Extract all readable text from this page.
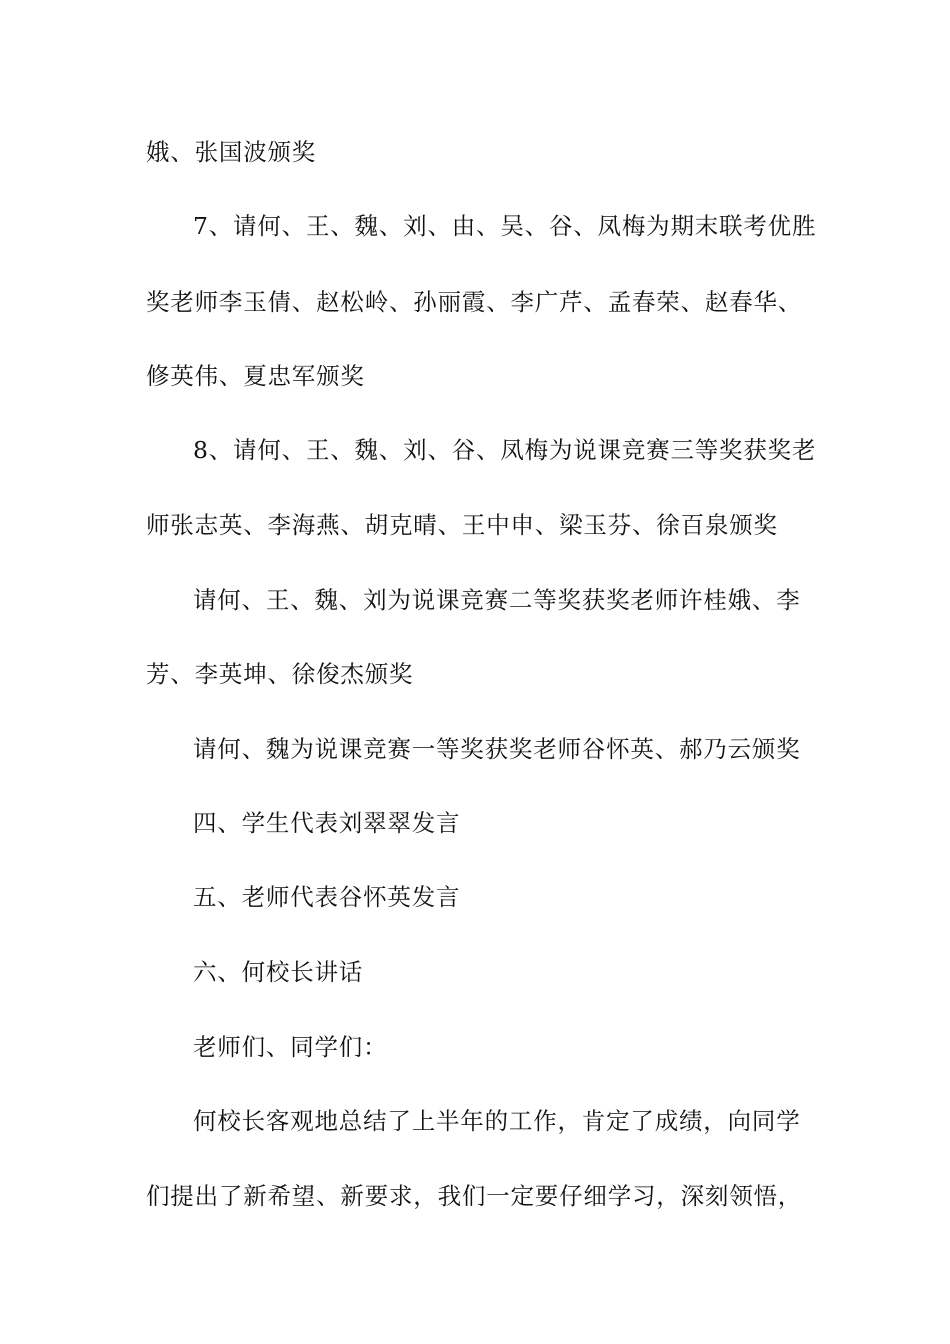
娥、张国波颁奖

7、请何、王、魏、刘、由、吴、谷、凤梅为期末联考优胜

奖老师李玉倩、赵松岭、孙丽霞、李广芹、孟春荣、赵春华、

修英伟、夏忠军颁奖

8、请何、王、魏、刘、谷、凤梅为说课竞赛三等奖获奖老

师张志英、李海燕、胡克晴、王中申、梁玉芬、徐百泉颁奖

请何、王、魏、刘为说课竞赛二等奖获奖老师许桂娥、李

芳、李英坤、徐俊杰颁奖

请何、魏为说课竞赛一等奖获奖老师谷怀英、郝乃云颁奖

四、学生代表刘翠翠发言

五、老师代表谷怀英发言

六、何校长讲话

老师们、同学们：

何校长客观地总结了上半年的工作，肯定了成绩，向同学

们提出了新希望、新要求，我们一定要仔细学习，深刻领悟，
